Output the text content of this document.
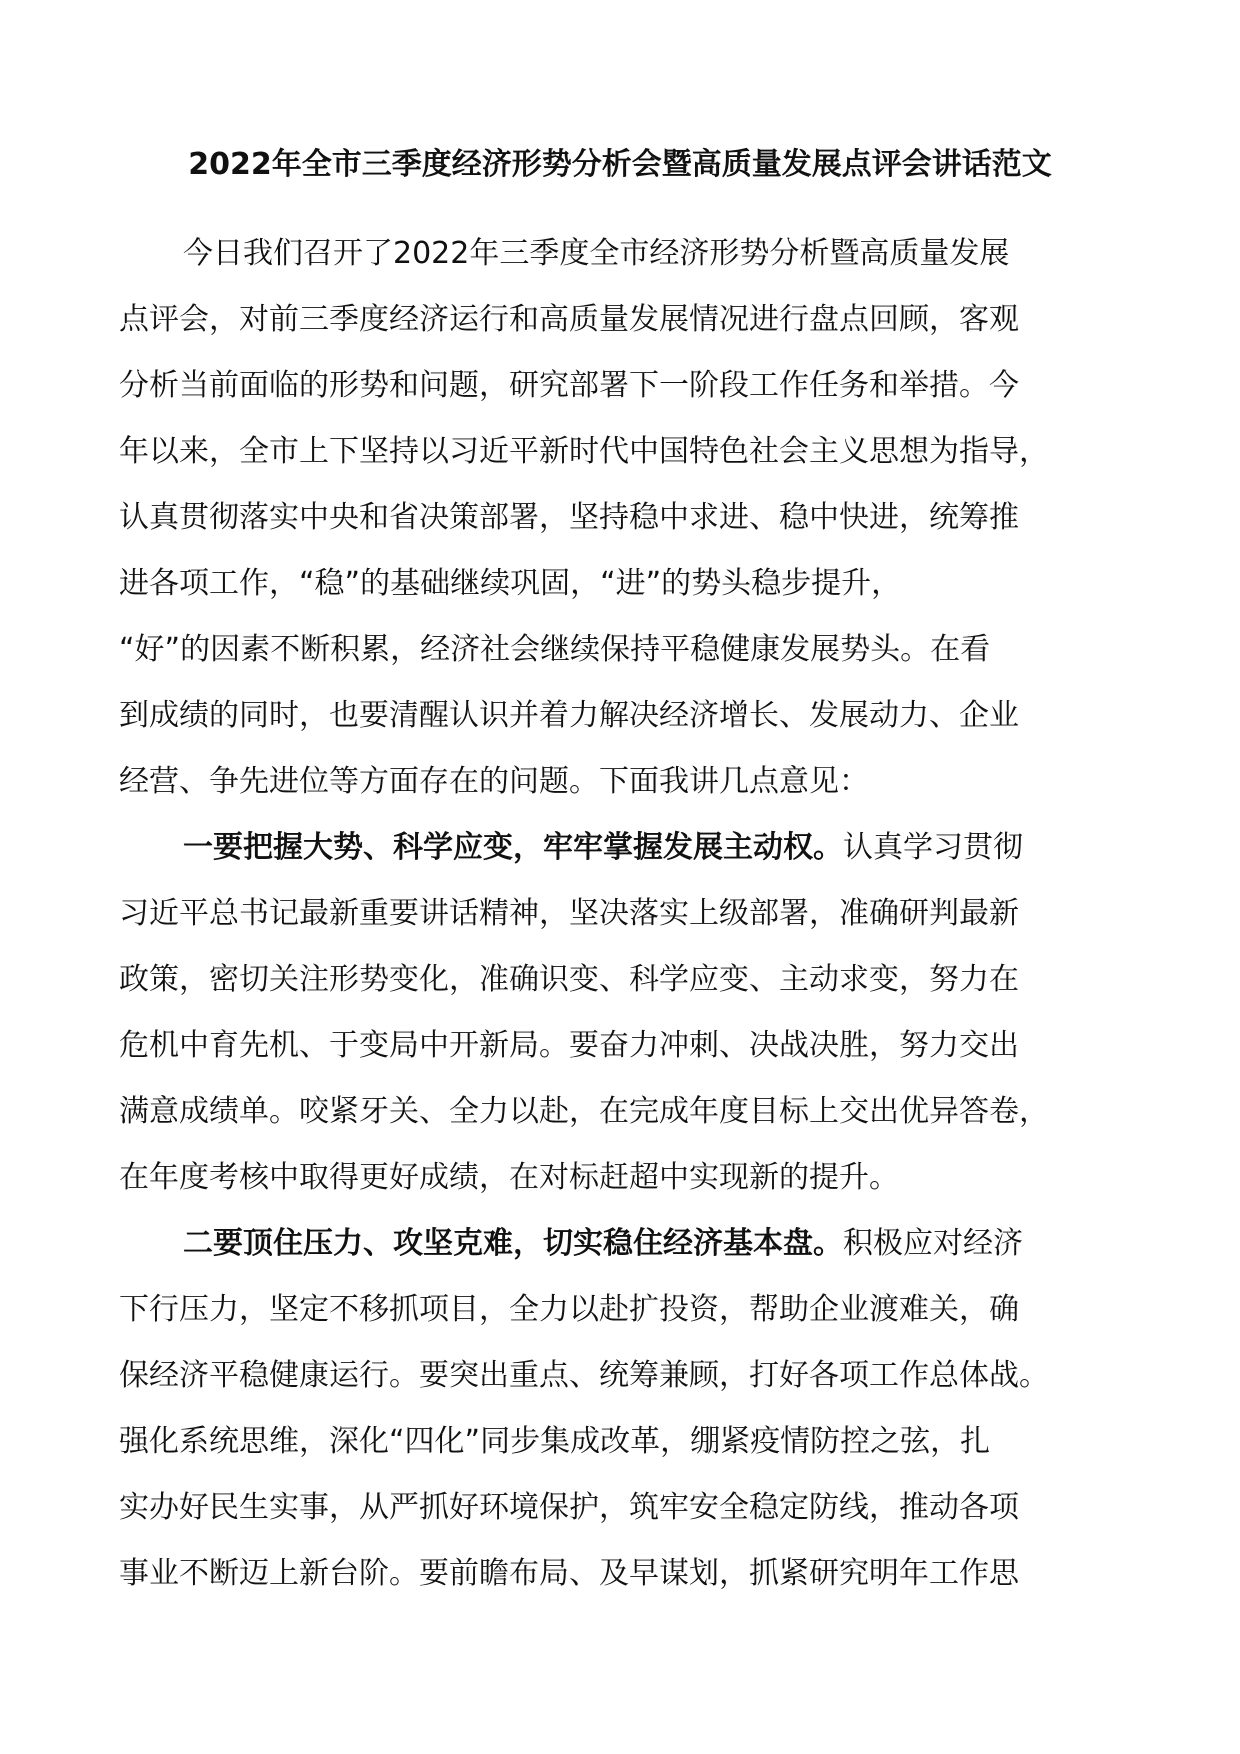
2022年全市三季度经济形势分析会暨高质量发展点评会讲话范文
今日我们召开了2022年三季度全市经济形势分析暨高质量发展
点评会，对前三季度经济运行和高质量发展情况进行盘点回顾，客观
分析当前面临的形势和问题，研究部署下一阶段工作任务和举措。今
年以来，全市上下坚持以习近平新时代中国特色社会主义思想为指导，
认真贯彻落实中央和省决策部署，坚持稳中求进、稳中快进，统筹推
进各项工作，“稳”的基础继续巩固，“进”的势头稳步提升，
“好”的因素不断积累，经济社会继续保持平稳健康发展势头。在看
到成绩的同时，也要清醒认识并着力解决经济增长、发展动力、企业
经营、争先进位等方面存在的问题。下面我讲几点意见：
一要把握大势、科学应变，牢牢掌握发展主动权。认真学习贯彻
习近平总书记最新重要讲话精神，坚决落实上级部署，准确研判最新
政策，密切关注形势变化，准确识变、科学应变、主动求变，努力在
危机中育先机、于变局中开新局。要奋力冲刺、决战决胜，努力交出
满意成绩单。咬紧牙关、全力以赴，在完成年度目标上交出优异答卷，
在年度考核中取得更好成绩，在对标赶超中实现新的提升。
二要顶住压力、攻坚克难，切实稳住经济基本盘。积极应对经济
下行压力，坚定不移抓项目，全力以赴扩投资，帮助企业渡难关，确
保经济平稳健康运行。要突出重点、统筹兼顾，打好各项工作总体战。
强化系统思维，深化“四化”同步集成改革，绷紧疫情防控之弦，扎
实办好民生实事，从严抓好环境保护，筑牢安全稳定防线，推动各项
事业不断迈上新台阶。要前瞻布局、及早谋划，抓紧研究明年工作思
